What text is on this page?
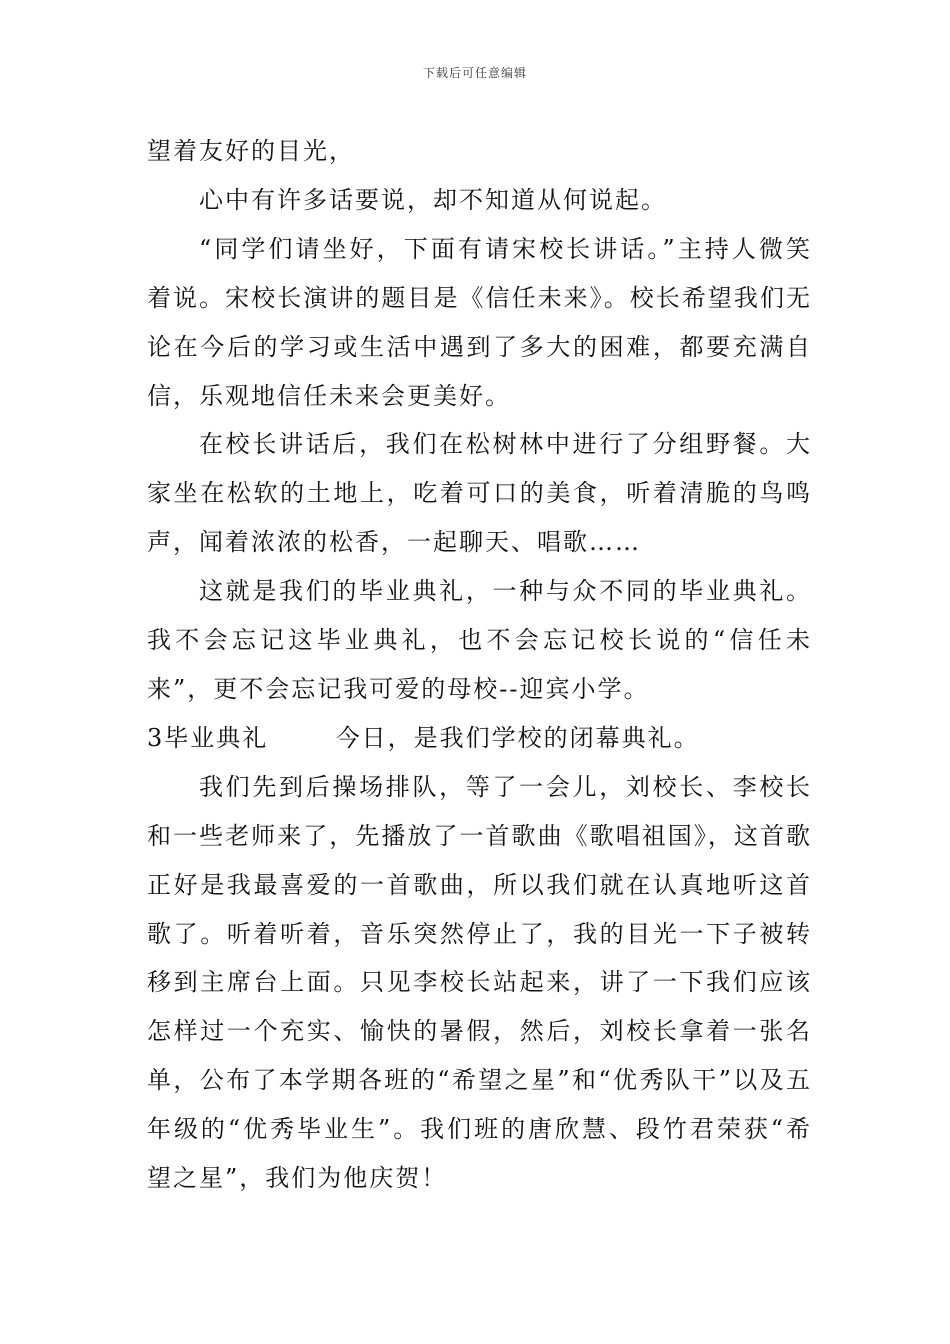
下载后可任意编辑

望着友好的目光，

心中有许多话要说，却不知道从何说起。

“同学们请坐好，下面有请宋校长讲话。”主持人微笑着说。宋校长演讲的题目是《信任未来》。校长希望我们无论在今后的学习或生活中遇到了多大的困难，都要充满自信，乐观地信任未来会更美好。

在校长讲话后，我们在松树林中进行了分组野餐。大家坐在松软的土地上，吃着可口的美食，听着清脆的鸟鸣声，闻着浓浓的松香，一起聊天、唱歌……

这就是我们的毕业典礼，一种与众不同的毕业典礼。我不会忘记这毕业典礼，也不会忘记校长说的“信任未来”，更不会忘记我可爱的母校--迎宾小学。

3毕业典礼	今日，是我们学校的闭幕典礼。

我们先到后操场排队，等了一会儿，刘校长、李校长和一些老师来了，先播放了一首歌曲《歌唱祖国》，这首歌正好是我最喜爱的一首歌曲，所以我们就在认真地听这首歌了。听着听着，音乐突然停止了，我的目光一下子被转移到主席台上面。只见李校长站起来，讲了一下我们应该怎样过一个充实、愉快的暑假，然后，刘校长拿着一张名单，公布了本学期各班的“希望之星”和“优秀队干”以及五年级的“优秀毕业生”。我们班的唐欣慧、段竹君荣获“希望之星”，我们为他庆贺！
